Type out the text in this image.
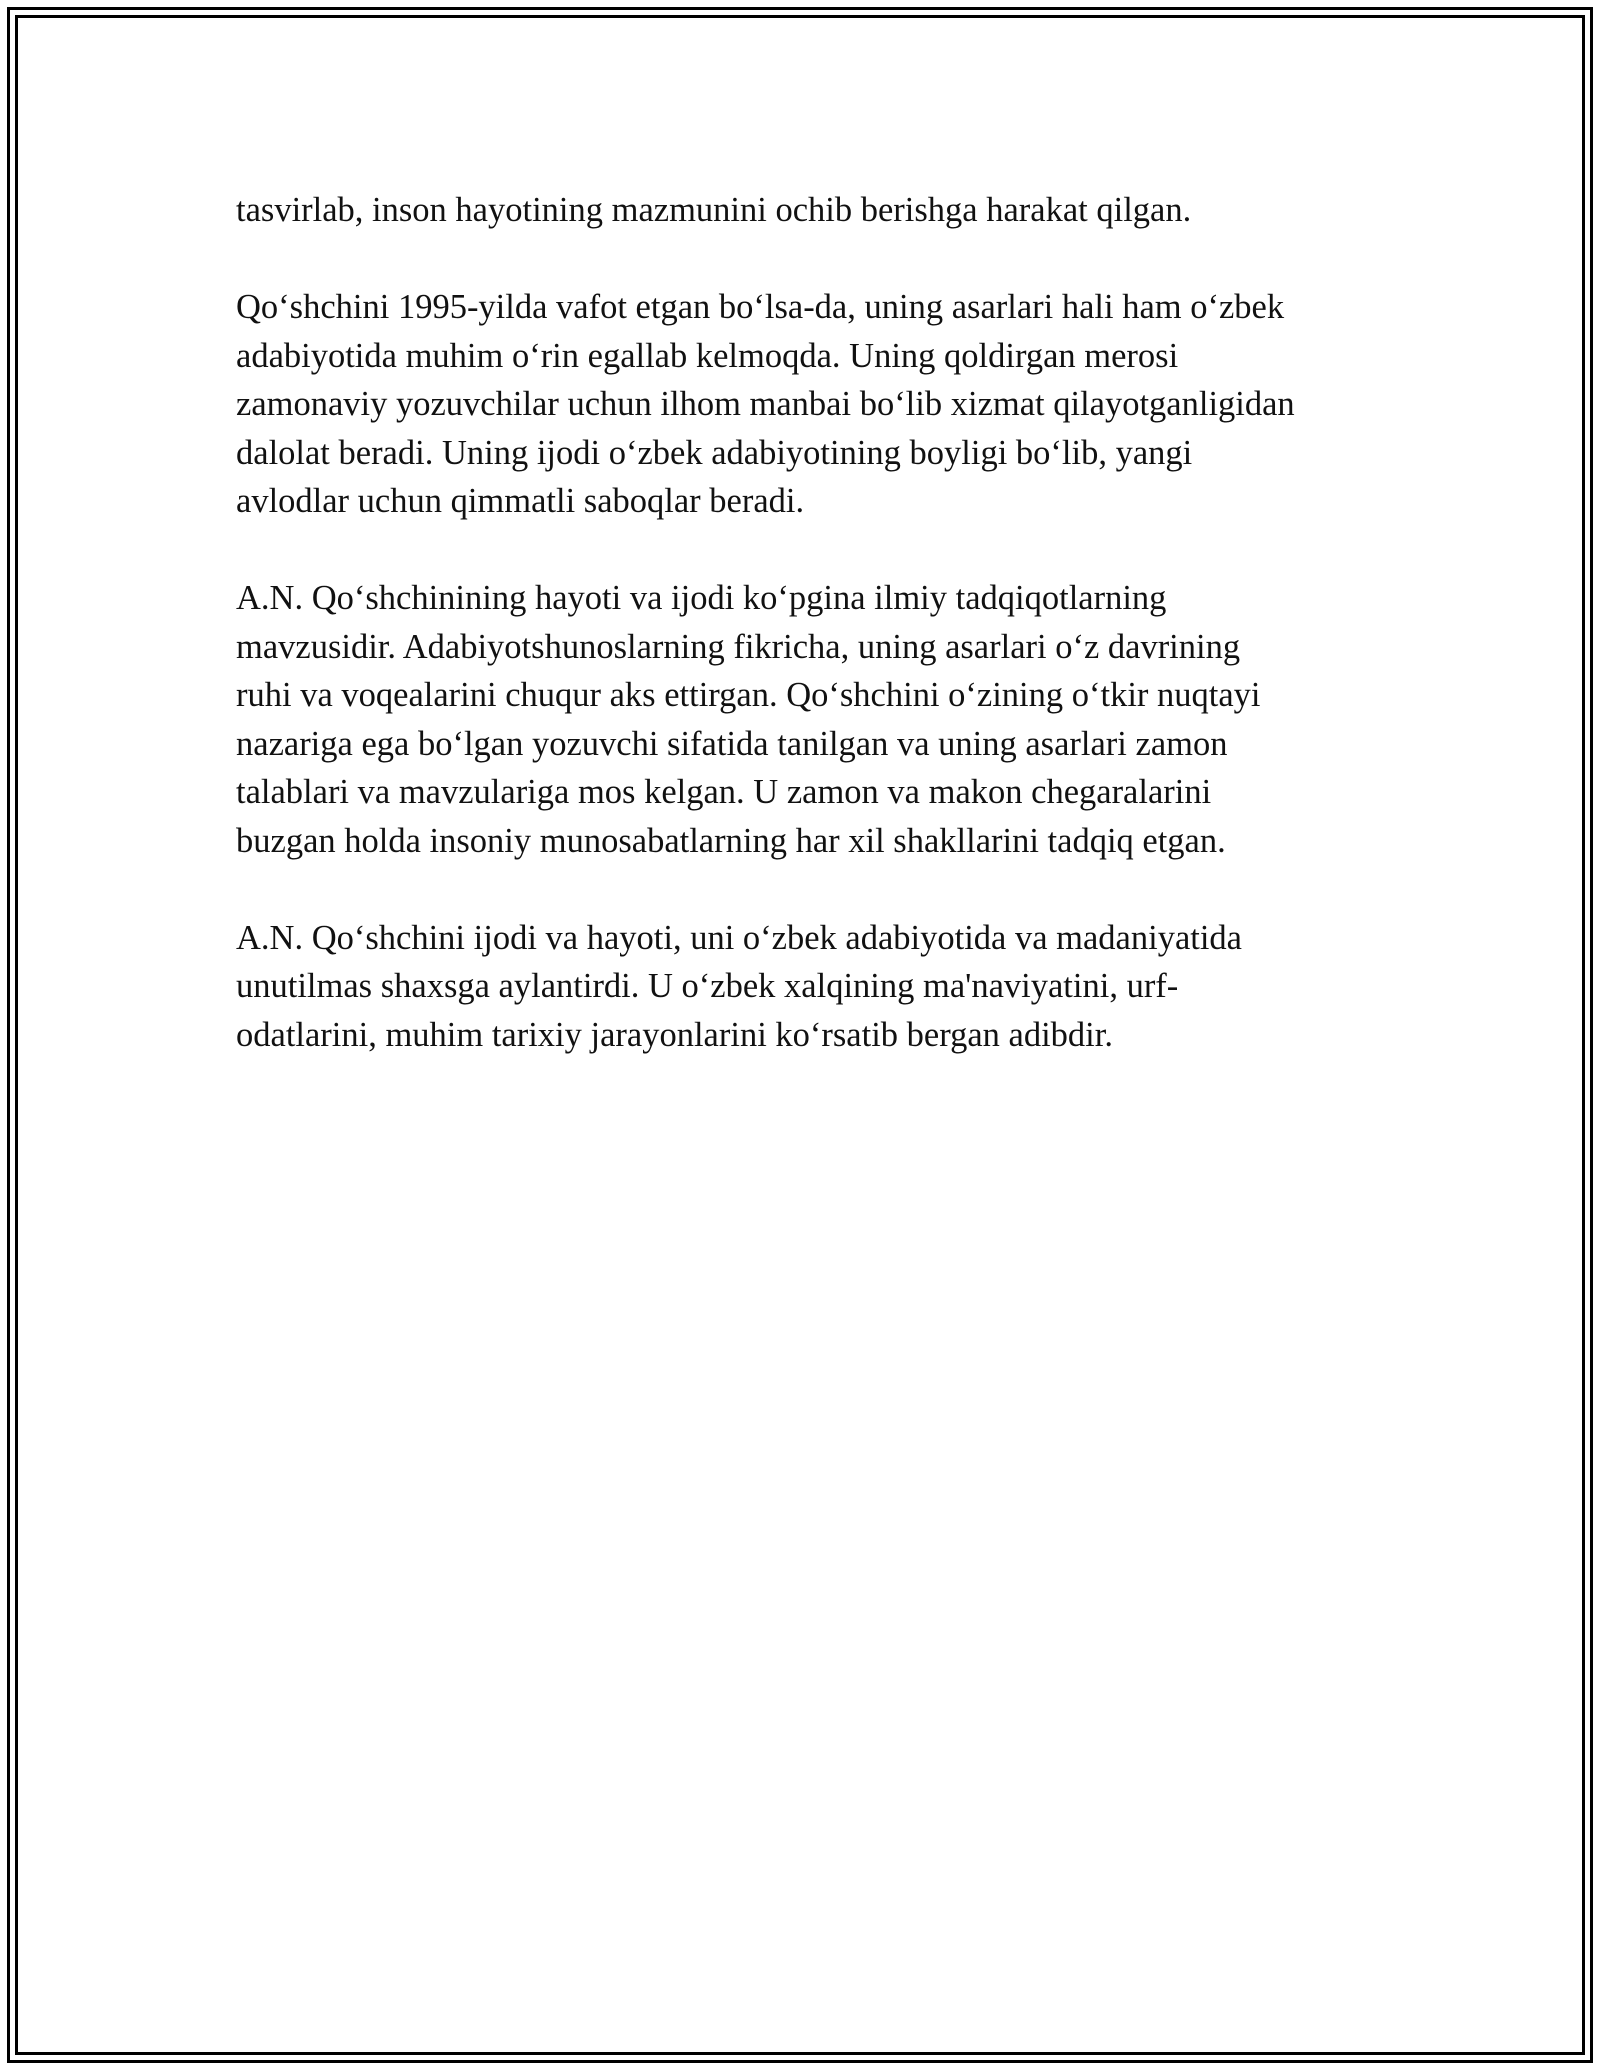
tasvirlab, inson hayotining mazmunini ochib berishga harakat qilgan.

Qo‘shchini 1995-yilda vafot etgan bo‘lsa-da, uning asarlari hali ham o‘zbek
adabiyotida muhim o‘rin egallab kelmoqda. Uning qoldirgan merosi
zamonaviy yozuvchilar uchun ilhom manbai bo‘lib xizmat qilayotganligidan
dalolat beradi. Uning ijodi o‘zbek adabiyotining boyligi bo‘lib, yangi
avlodlar uchun qimmatli saboqlar beradi.

A.N. Qo‘shchinining hayoti va ijodi ko‘pgina ilmiy tadqiqotlarning
mavzusidir. Adabiyotshunoslarning fikricha, uning asarlari o‘z davrining
ruhi va voqealarini chuqur aks ettirgan. Qo‘shchini o‘zining o‘tkir nuqtayi
nazariga ega bo‘lgan yozuvchi sifatida tanilgan va uning asarlari zamon
talablari va mavzulariga mos kelgan. U zamon va makon chegaralarini
buzgan holda insoniy munosabatlarning har xil shakllarini tadqiq etgan.

A.N. Qo‘shchini ijodi va hayoti, uni o‘zbek adabiyotida va madaniyatida
unutilmas shaxsga aylantirdi. U o‘zbek xalqining ma'naviyatini, urf-
odatlarini, muhim tarixiy jarayonlarini ko‘rsatib bergan adibdir.
